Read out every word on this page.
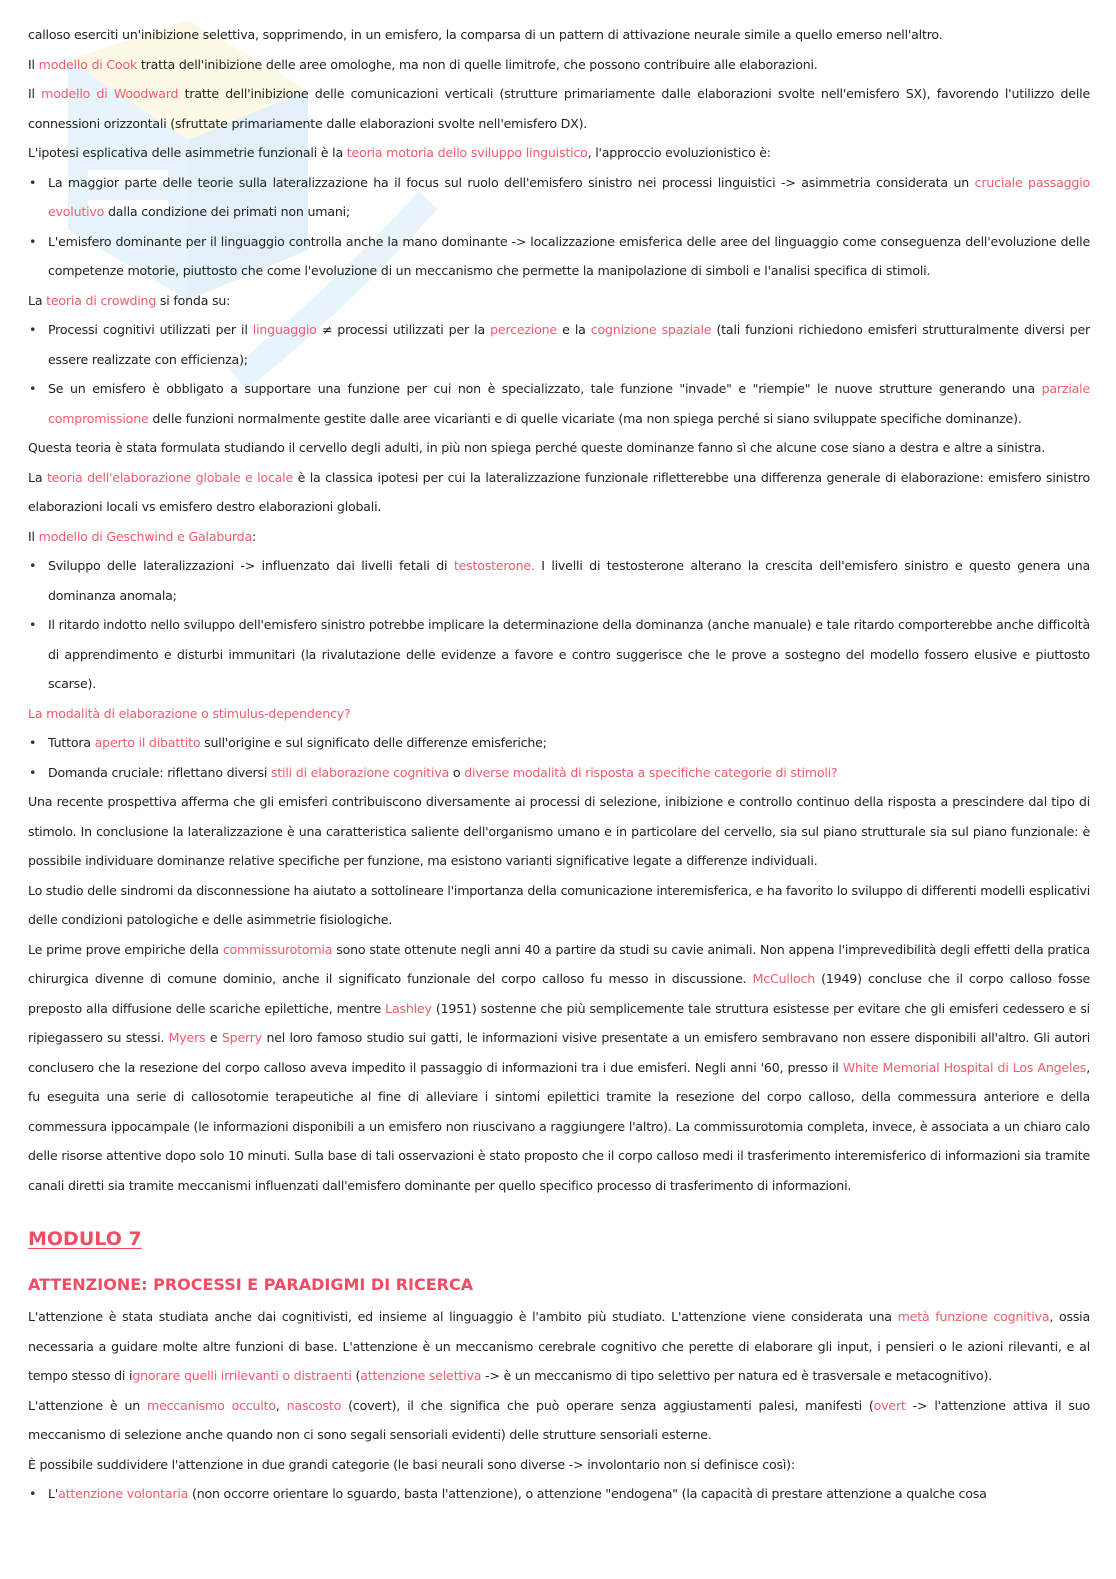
calloso eserciti un'inibizione selettiva, sopprimendo, in un emisfero, la comparsa di un pattern di attivazione neurale simile a quello emerso nell'altro.

Il modello di Cook tratta dell'inibizione delle aree omologhe, ma non di quelle limitrofe, che possono contribuire alle elaborazioni.

Il modello di Woodward tratte dell'inibizione delle comunicazioni verticali (strutture primariamente dalle elaborazioni svolte nell'emisfero SX), favorendo l'utilizzo delle connessioni orizzontali (sfruttate primariamente dalle elaborazioni svolte nell'emisfero DX).

L'ipotesi esplicativa delle asimmetrie funzionali è la teoria motoria dello sviluppo linguistico, l'approccio evoluzionistico è:

• La maggior parte delle teorie sulla lateralizzazione ha il focus sul ruolo dell'emisfero sinistro nei processi linguistici -> asimmetria considerata un cruciale passaggio evolutivo dalla condizione dei primati non umani;
• L'emisfero dominante per il linguaggio controlla anche la mano dominante -> localizzazione emisferica delle aree del linguaggio come conseguenza dell'evoluzione delle competenze motorie, piuttosto che come l'evoluzione di un meccanismo che permette la manipolazione di simboli e l'analisi specifica di stimoli.

La teoria di crowding si fonda su:

• Processi cognitivi utilizzati per il linguaggio ≠ processi utilizzati per la percezione e la cognizione spaziale (tali funzioni richiedono emisferi strutturalmente diversi per essere realizzate con efficienza);
• Se un emisfero è obbligato a supportare una funzione per cui non è specializzato, tale funzione "invade" e "riempie" le nuove strutture generando una parziale compromissione delle funzioni normalmente gestite dalle aree vicarianti e di quelle vicariate (ma non spiega perché si siano sviluppate specifiche dominanze).

Questa teoria è stata formulata studiando il cervello degli adulti, in più non spiega perché queste dominanze fanno sì che alcune cose siano a destra e altre a sinistra.

La teoria dell'elaborazione globale e locale è la classica ipotesi per cui la lateralizzazione funzionale rifletterebbe una differenza generale di elaborazione: emisfero sinistro elaborazioni locali vs emisfero destro elaborazioni globali.

Il modello di Geschwind e Galaburda:

• Sviluppo delle lateralizzazioni -> influenzato dai livelli fetali di testosterone. I livelli di testosterone alterano la crescita dell'emisfero sinistro e questo genera una dominanza anomala;
• Il ritardo indotto nello sviluppo dell'emisfero sinistro potrebbe implicare la determinazione della dominanza (anche manuale) e tale ritardo comporterebbe anche difficoltà di apprendimento e disturbi immunitari (la rivalutazione delle evidenze a favore e contro suggerisce che le prove a sostegno del modello fossero elusive e piuttosto scarse).

La modalità di elaborazione o stimulus-dependency?

• Tuttora aperto il dibattito sull'origine e sul significato delle differenze emisferiche;
• Domanda cruciale: riflettano diversi stili di elaborazione cognitiva o diverse modalità di risposta a specifiche categorie di stimoli?

Una recente prospettiva afferma che gli emisferi contribuiscono diversamente ai processi di selezione, inibizione e controllo continuo della risposta a prescindere dal tipo di stimolo. In conclusione la lateralizzazione è una caratteristica saliente dell'organismo umano e in particolare del cervello, sia sul piano strutturale sia sul piano funzionale: è possibile individuare dominanze relative specifiche per funzione, ma esistono varianti significative legate a differenze individuali.

Lo studio delle sindromi da disconnessione ha aiutato a sottolineare l'importanza della comunicazione interemisferica, e ha favorito lo sviluppo di differenti modelli esplicativi delle condizioni patologiche e delle asimmetrie fisiologiche.

Le prime prove empiriche della commissurotomia sono state ottenute negli anni 40 a partire da studi su cavie animali. Non appena l'imprevedibilità degli effetti della pratica chirurgica divenne di comune dominio, anche il significato funzionale del corpo calloso fu messo in discussione. McCulloch (1949) concluse che il corpo calloso fosse preposto alla diffusione delle scariche epilettiche, mentre Lashley (1951) sostenne che più semplicemente tale struttura esistesse per evitare che gli emisferi cedessero e si ripiegassero su stessi. Myers e Sperry nel loro famoso studio sui gatti, le informazioni visive presentate a un emisfero sembravano non essere disponibili all'altro. Gli autori conclusero che la resezione del corpo calloso aveva impedito il passaggio di informazioni tra i due emisferi. Negli anni '60, presso il White Memorial Hospital di Los Angeles, fu eseguita una serie di callosotomie terapeutiche al fine di alleviare i sintomi epilettici tramite la resezione del corpo calloso, della commessura anteriore e della commessura ippocampale (le informazioni disponibili a un emisfero non riuscivano a raggiungere l'altro). La commissurotomia completa, invece, è associata a un chiaro calo delle risorse attentive dopo solo 10 minuti. Sulla base di tali osservazioni è stato proposto che il corpo calloso medi il trasferimento interemisferico di informazioni sia tramite canali diretti sia tramite meccanismi influenzati dall'emisfero dominante per quello specifico processo di trasferimento di informazioni.

MODULO 7
ATTENZIONE: PROCESSI E PARADIGMI DI RICERCA

L'attenzione è stata studiata anche dai cognitivisti, ed insieme al linguaggio è l'ambito più studiato. L'attenzione viene considerata una metà funzione cognitiva, ossia necessaria a guidare molte altre funzioni di base. L'attenzione è un meccanismo cerebrale cognitivo che perette di elaborare gli input, i pensieri o le azioni rilevanti, e al tempo stesso di ignorare quelli irrilevanti o distraenti (attenzione selettiva -> è un meccanismo di tipo selettivo per natura ed è trasversale e metacognitivo).

L'attenzione è un meccanismo occulto, nascosto (covert), il che significa che può operare senza aggiustamenti palesi, manifesti (overt -> l'attenzione attiva il suo meccanismo di selezione anche quando non ci sono segali sensoriali evidenti) delle strutture sensoriali esterne.

È possibile suddividere l'attenzione in due grandi categorie (le basi neurali sono diverse -> involontario non si definisce così):

• L'attenzione volontaria (non occorre orientare lo sguardo, basta l'attenzione), o attenzione "endogena" (la capacità di prestare attenzione a qualche cosa
